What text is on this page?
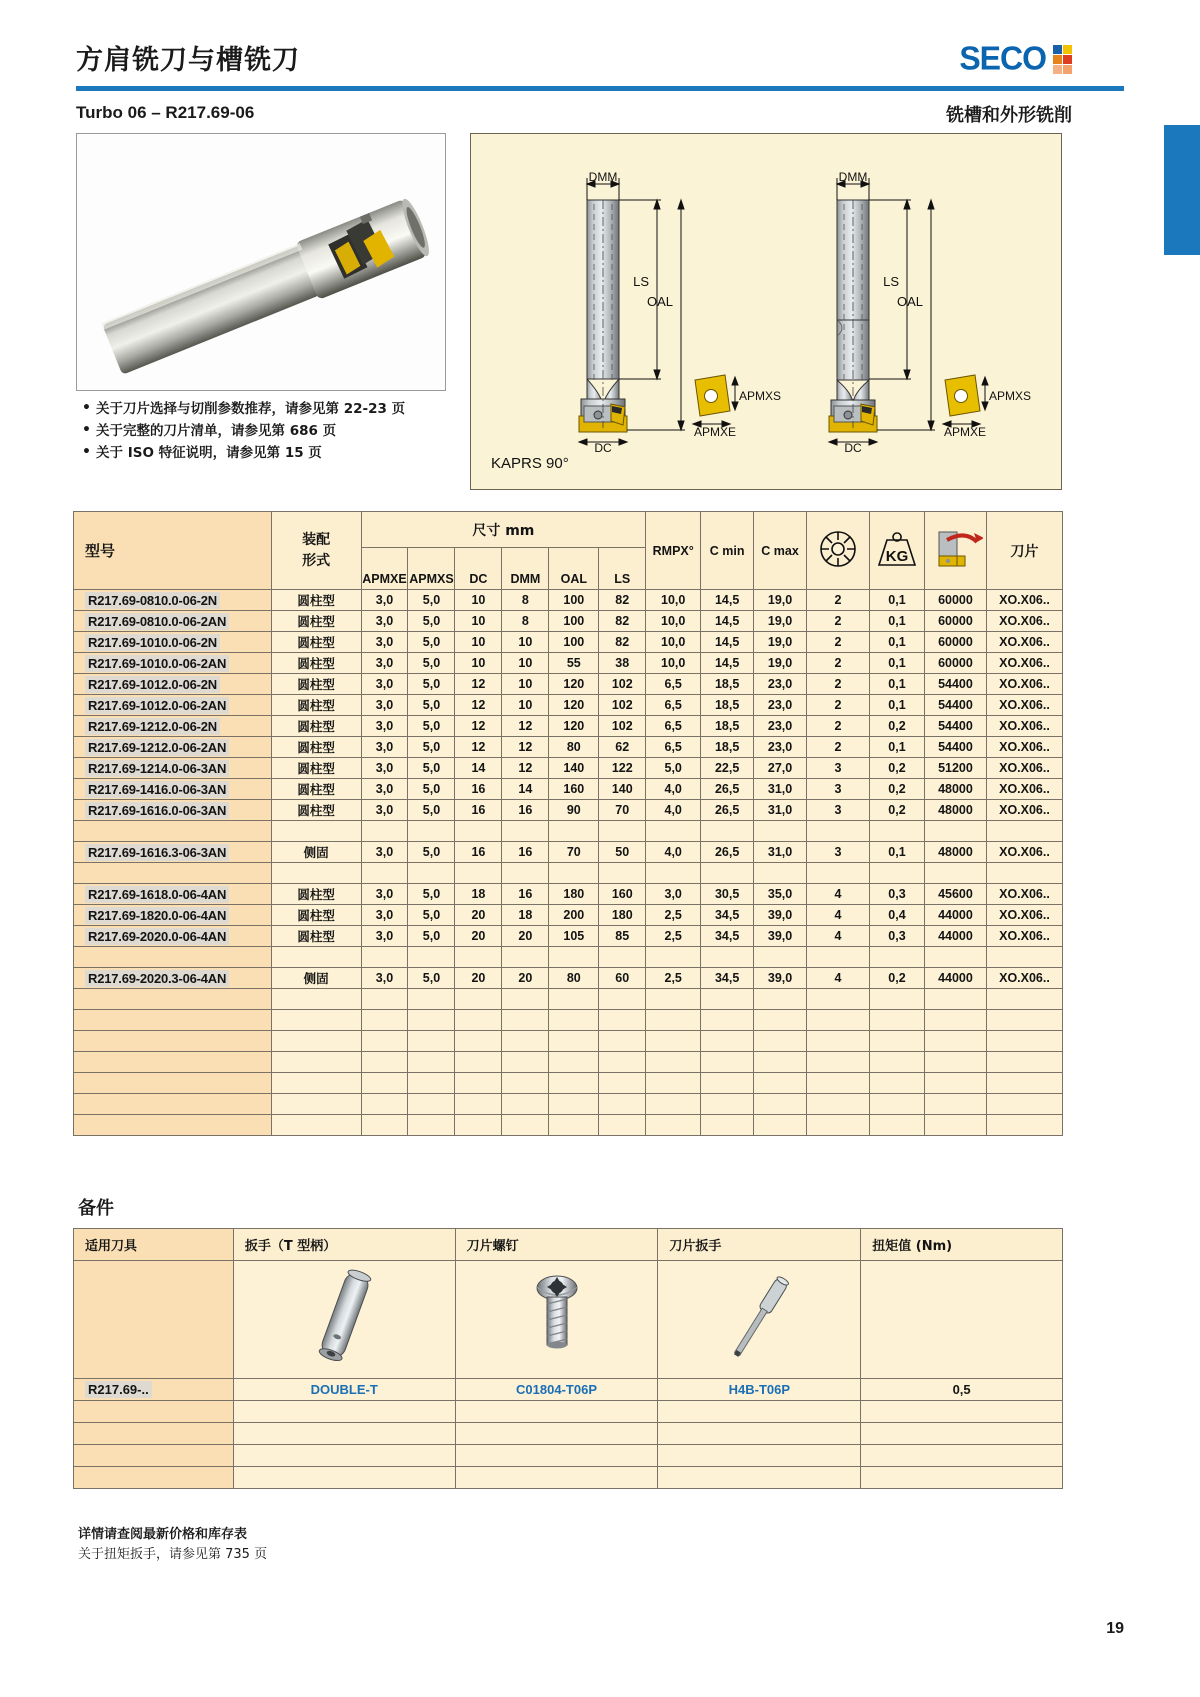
方肩铣刀与槽铣刀	SECO
Turbo 06 – R217.69-06	铣槽和外形铣削
• 关于刀片选择与切削参数推荐，请参见第 22-23 页
• 关于完整的刀片清单，请参见第 686 页
• 关于 ISO 特征说明，请参见第 15 页
DMM
LS
OAL
DC
APMXS
APMXE
DMM
LS
OAL
DC
APMXS
APMXE
KAPRS 90°
型号	装配
形式	尺寸 mm						RMPX°	C min	C max		KG		刀片

		APMXE	APMXS	DC	DMM	OAL	LS							
R217.69-0810.0-06-2N	圆柱型	3,0	5,0	10	8	100	82	10,0	14,5	19,0	2	0,1	60000	XO.X06..
R217.69-0810.0-06-2AN	圆柱型	3,0	5,0	10	8	100	82	10,0	14,5	19,0	2	0,1	60000	XO.X06..
R217.69-1010.0-06-2N	圆柱型	3,0	5,0	10	10	100	82	10,0	14,5	19,0	2	0,1	60000	XO.X06..
R217.69-1010.0-06-2AN	圆柱型	3,0	5,0	10	10	55	38	10,0	14,5	19,0	2	0,1	60000	XO.X06..
R217.69-1012.0-06-2N	圆柱型	3,0	5,0	12	10	120	102	6,5	18,5	23,0	2	0,1	54400	XO.X06..
R217.69-1012.0-06-2AN	圆柱型	3,0	5,0	12	10	120	102	6,5	18,5	23,0	2	0,1	54400	XO.X06..
R217.69-1212.0-06-2N	圆柱型	3,0	5,0	12	12	120	102	6,5	18,5	23,0	2	0,2	54400	XO.X06..
R217.69-1212.0-06-2AN	圆柱型	3,0	5,0	12	12	80	62	6,5	18,5	23,0	2	0,1	54400	XO.X06..
R217.69-1214.0-06-3AN	圆柱型	3,0	5,0	14	12	140	122	5,0	22,5	27,0	3	0,2	51200	XO.X06..
R217.69-1416.0-06-3AN	圆柱型	3,0	5,0	16	14	160	140	4,0	26,5	31,0	3	0,2	48000	XO.X06..
R217.69-1616.0-06-3AN	圆柱型	3,0	5,0	16	16	90	70	4,0	26,5	31,0	3	0,2	48000	XO.X06..

R217.69-1616.3-06-3AN	侧固	3,0	5,0	16	16	70	50	4,0	26,5	31,0	3	0,1	48000	XO.X06..

R217.69-1618.0-06-4AN	圆柱型	3,0	5,0	18	16	180	160	3,0	30,5	35,0	4	0,3	45600	XO.X06..
R217.69-1820.0-06-4AN	圆柱型	3,0	5,0	20	18	200	180	2,5	34,5	39,0	4	0,4	44000	XO.X06..
R217.69-2020.0-06-4AN	圆柱型	3,0	5,0	20	20	105	85	2,5	34,5	39,0	4	0,3	44000	XO.X06..

R217.69-2020.3-06-4AN	侧固	3,0	5,0	20	20	80	60	2,5	34,5	39,0	4	0,2	44000	XO.X06..

备件
适用刀具	扳手（T 型柄）	刀片螺钉	刀片扳手	扭矩值 (Nm)

R217.69-..	DOUBLE-T	C01804-T06P	H4B-T06P	0,5

详情请查阅最新价格和库存表
关于扭矩扳手，请参见第 735 页
19
